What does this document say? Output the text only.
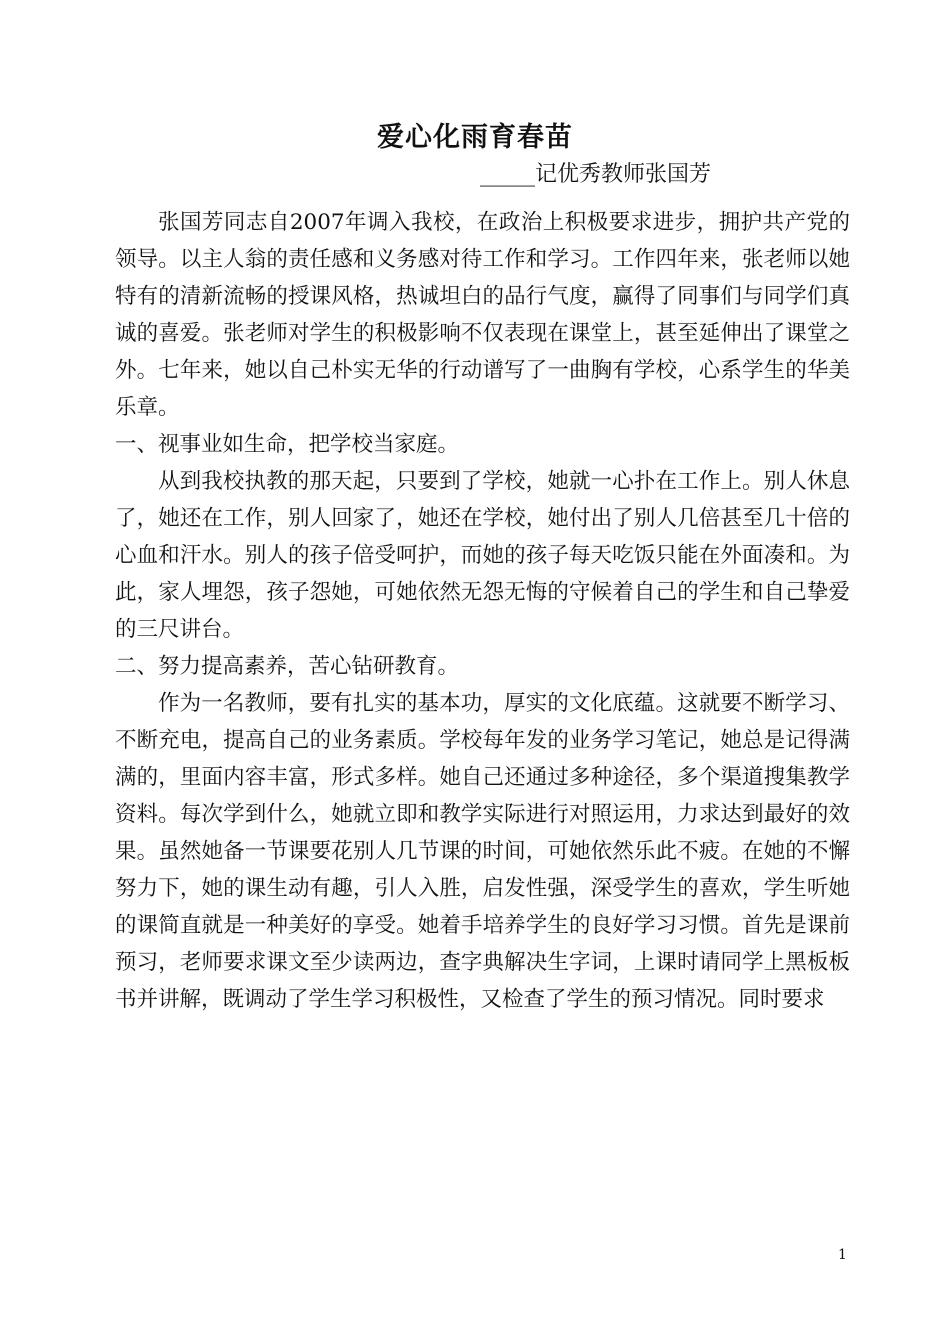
爱心化雨育春苗
_____记优秀教师张国芳

张国芳同志自2007年调入我校，在政治上积极要求进步，拥护共产党的领导。以主人翁的责任感和义务感对待工作和学习。工作四年来，张老师以她特有的清新流畅的授课风格，热诚坦白的品行气度，赢得了同事们与同学们真诚的喜爱。张老师对学生的积极影响不仅表现在课堂上，甚至延伸出了课堂之外。七年来，她以自己朴实无华的行动谱写了一曲胸有学校，心系学生的华美乐章。

一、视事业如生命，把学校当家庭。

从到我校执教的那天起，只要到了学校，她就一心扑在工作上。别人休息了，她还在工作，别人回家了，她还在学校，她付出了别人几倍甚至几十倍的心血和汗水。别人的孩子倍受呵护，而她的孩子每天吃饭只能在外面凑和。为此，家人埋怨，孩子怨她，可她依然无怨无悔的守候着自己的学生和自己挚爱的三尺讲台。

二、努力提高素养，苦心钻研教育。

作为一名教师，要有扎实的基本功，厚实的文化底蕴。这就要不断学习、不断充电，提高自己的业务素质。学校每年发的业务学习笔记，她总是记得满满的，里面内容丰富，形式多样。她自己还通过多种途径，多个渠道搜集教学资料。每次学到什么，她就立即和教学实际进行对照运用，力求达到最好的效果。虽然她备一节课要花别人几节课的时间，可她依然乐此不疲。在她的不懈努力下，她的课生动有趣，引人入胜，启发性强，深受学生的喜欢，学生听她的课简直就是一种美好的享受。她着手培养学生的良好学习习惯。首先是课前预习，老师要求课文至少读两边，查字典解决生字词，上课时请同学上黑板板书并讲解，既调动了学生学习积极性，又检查了学生的预习情况。同时要求

1
